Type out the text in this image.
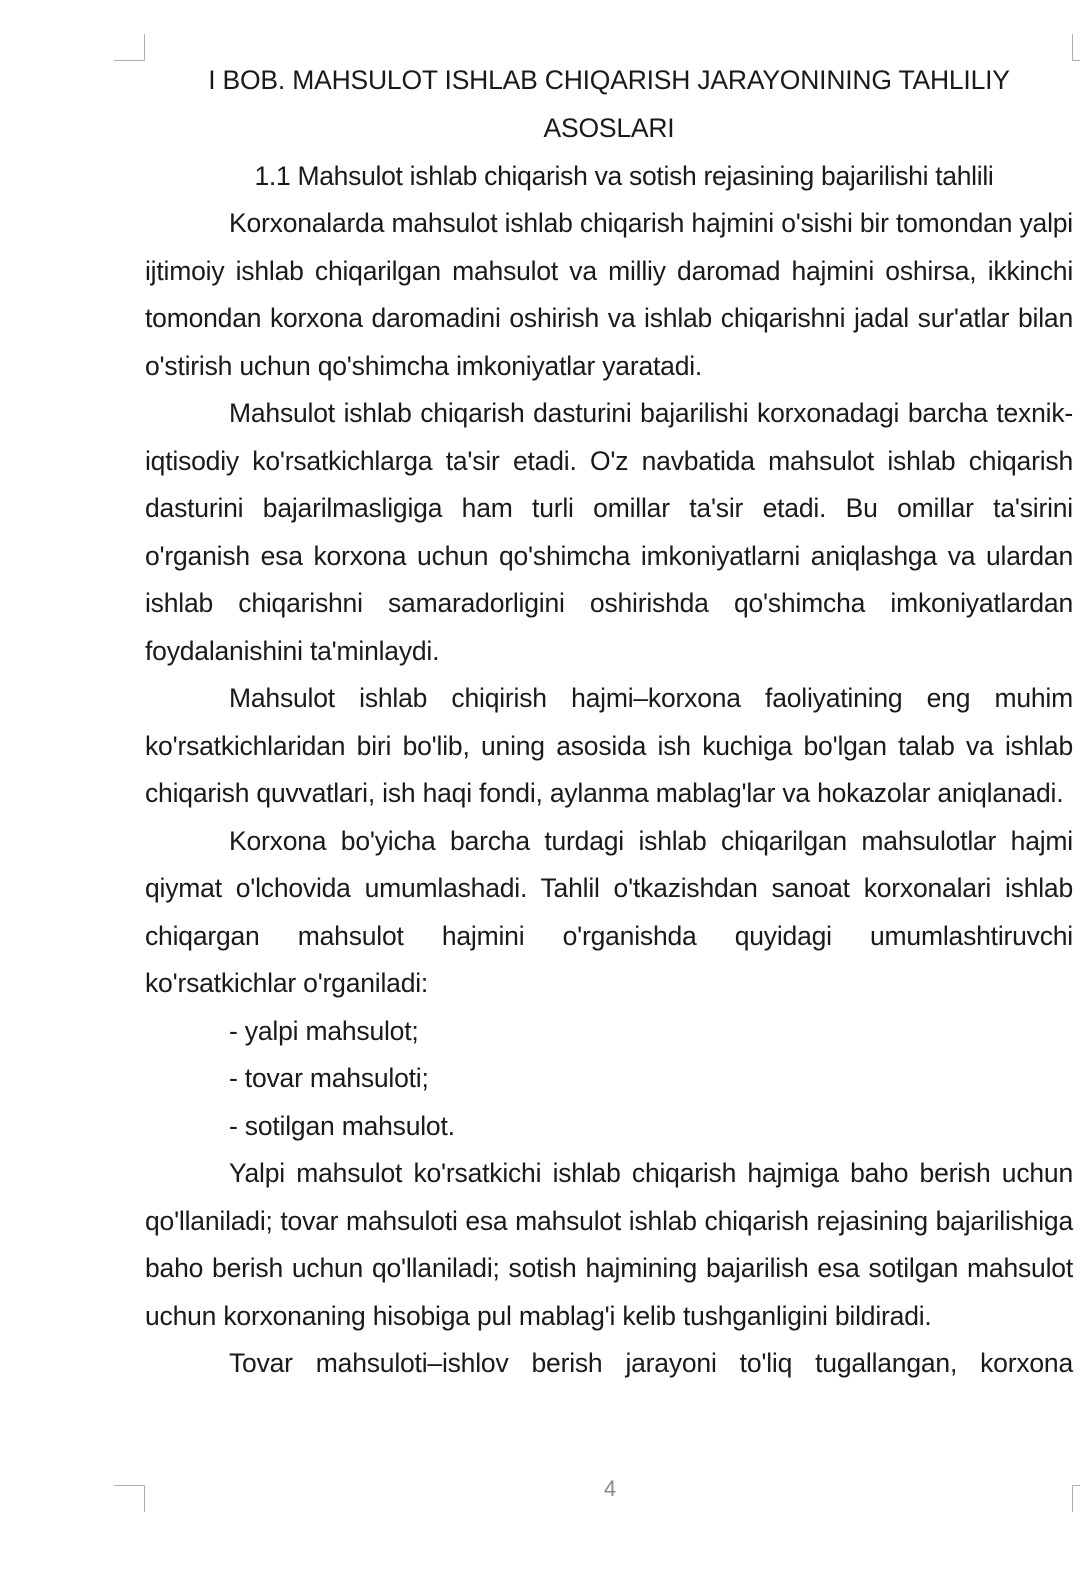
I BOB. MAHSULOT ISHLAB CHIQARISH JARAYONINING TAHLILIY ASOSLARI
1.1 Mahsulot ishlab chiqarish va sotish rejasining bajarilishi tahlili

Korxonalarda mahsulot ishlab chiqarish hajmini o'sishi bir tomondan yalpi ijtimoiy ishlab chiqarilgan mahsulot va milliy daromad hajmini oshirsa, ikkinchi tomondan korxona daromadini oshirish va ishlab chiqarishni jadal sur'atlar bilan o'stirish uchun qo'shimcha imkoniyatlar yaratadi.

Mahsulot ishlab chiqarish dasturini bajarilishi korxonadagi barcha texnik-iqtisodiy ko'rsatkichlarga ta'sir etadi. O'z navbatida mahsulot ishlab chiqarish dasturini bajarilmasligiga ham turli omillar ta'sir etadi. Bu omillar ta'sirini o'rganish esa korxona uchun qo'shimcha imkoniyatlarni aniqlashga va ulardan ishlab chiqarishni samaradorligini oshirishda qo'shimcha imkoniyatlardan foydalanishini ta'minlaydi.

Mahsulot ishlab chiqirish hajmi–korxona faoliyatining eng muhim ko'rsatkichlaridan biri bo'lib, uning asosida ish kuchiga bo'lgan talab va ishlab chiqarish quvvatlari, ish haqi fondi, aylanma mablag'lar va hokazolar aniqlanadi.

Korxona bo'yicha barcha turdagi ishlab chiqarilgan mahsulotlar hajmi qiymat o'lchovida umumlashadi. Tahlil o'tkazishdan sanoat korxonalari ishlab chiqargan mahsulot hajmini o'rganishda quyidagi umumlashtiruvchi ko'rsatkichlar o'rganiladi:

- yalpi mahsulot;

- tovar mahsuloti;

- sotilgan mahsulot.

Yalpi mahsulot ko'rsatkichi ishlab chiqarish hajmiga baho berish uchun qo'llaniladi; tovar mahsuloti esa mahsulot ishlab chiqarish rejasining bajarilishiga baho berish uchun qo'llaniladi; sotish hajmining bajarilish esa sotilgan mahsulot uchun korxonaning hisobiga pul mablag'i kelib tushganligini bildiradi.

Tovar mahsuloti–ishlov berish jarayoni to'liq tugallangan, korxona

4
